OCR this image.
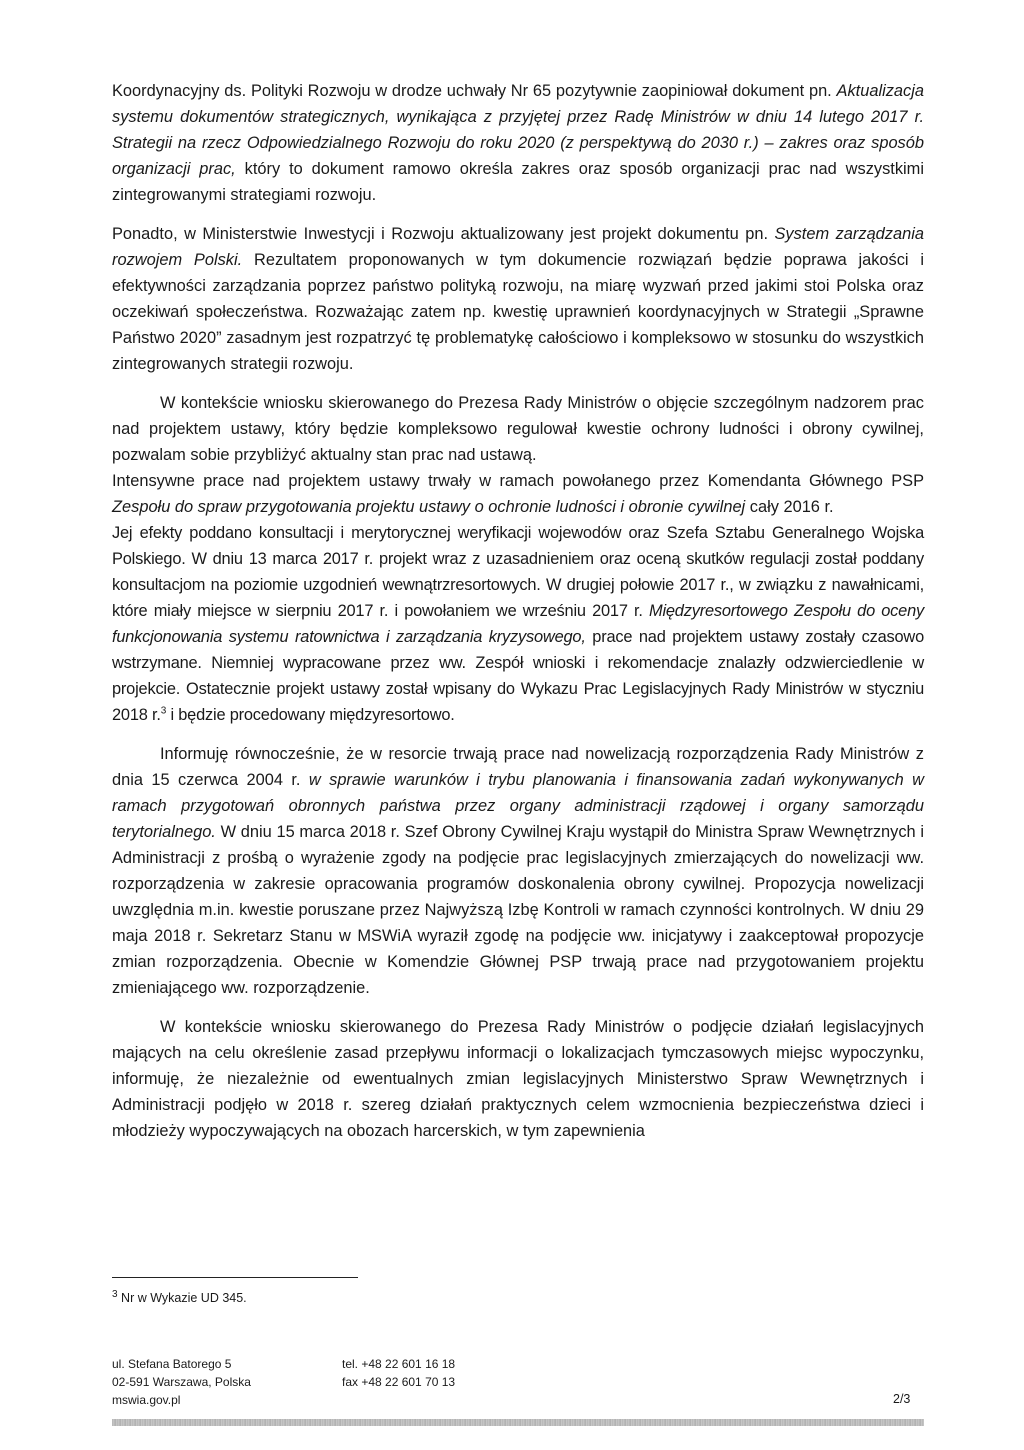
Koordynacyjny ds. Polityki Rozwoju w drodze uchwały Nr 65 pozytywnie zaopiniował dokument pn. Aktualizacja systemu dokumentów strategicznych, wynikająca z przyjętej przez Radę Ministrów w dniu 14 lutego 2017 r. Strategii na rzecz Odpowiedzialnego Rozwoju do roku 2020 (z perspektywą do 2030 r.) – zakres oraz sposób organizacji prac, który to dokument ramowo określa zakres oraz sposób organizacji prac nad wszystkimi zintegrowanymi strategiami rozwoju.

Ponadto, w Ministerstwie Inwestycji i Rozwoju aktualizowany jest projekt dokumentu pn. System zarządzania rozwojem Polski. Rezultatem proponowanych w tym dokumencie rozwiązań będzie poprawa jakości i efektywności zarządzania poprzez państwo polityką rozwoju, na miarę wyzwań przed jakimi stoi Polska oraz oczekiwań społeczeństwa. Rozważając zatem np. kwestię uprawnień koordynacyjnych w Strategii „Sprawne Państwo 2020” zasadnym jest rozpatrzyć tę problematykę całościowo i kompleksowo w stosunku do wszystkich zintegrowanych strategii rozwoju.

W kontekście wniosku skierowanego do Prezesa Rady Ministrów o objęcie szczególnym nadzorem prac nad projektem ustawy, który będzie kompleksowo regulował kwestie ochrony ludności i obrony cywilnej, pozwalam sobie przybliżyć aktualny stan prac nad ustawą.

Intensywne prace nad projektem ustawy trwały w ramach powołanego przez Komendanta Głównego PSP Zespołu do spraw przygotowania projektu ustawy o ochronie ludności i obronie cywilnej cały 2016 r.

Jej efekty poddano konsultacji i merytorycznej weryfikacji wojewodów oraz Szefa Sztabu Generalnego Wojska Polskiego. W dniu 13 marca 2017 r. projekt wraz z uzasadnieniem oraz oceną skutków regulacji został poddany konsultacjom na poziomie uzgodnień wewnątrzresortowych. W drugiej połowie 2017 r., w związku z nawałnicami, które miały miejsce w sierpniu 2017 r. i powołaniem we wrześniu 2017 r. Międzyresortowego Zespołu do oceny funkcjonowania systemu ratownictwa i zarządzania kryzysowego, prace nad projektem ustawy zostały czasowo wstrzymane. Niemniej wypracowane przez ww. Zespół wnioski i rekomendacje znalazły odzwierciedlenie w projekcie. Ostatecznie projekt ustawy został wpisany do Wykazu Prac Legislacyjnych Rady Ministrów w styczniu 2018 r.$^3$ i będzie procedowany międzyresortowo.

Informuję równocześnie, że w resorcie trwają prace nad nowelizacją rozporządzenia Rady Ministrów z dnia 15 czerwca 2004 r. w sprawie warunków i trybu planowania i finansowania zadań wykonywanych w ramach przygotowań obronnych państwa przez organy administracji rządowej i organy samorządu terytorialnego. W dniu 15 marca 2018 r. Szef Obrony Cywilnej Kraju wystąpił do Ministra Spraw Wewnętrznych i Administracji z prośbą o wyrażenie zgody na podjęcie prac legislacyjnych zmierzających do nowelizacji ww. rozporządzenia w zakresie opracowania programów doskonalenia obrony cywilnej. Propozycja nowelizacji uwzględnia m.in. kwestie poruszane przez Najwyższą Izbę Kontroli w ramach czynności kontrolnych. W dniu 29 maja 2018 r. Sekretarz Stanu w MSWiA wyraził zgodę na podjęcie ww. inicjatywy i zaakceptował propozycje zmian rozporządzenia. Obecnie w Komendzie Głównej PSP trwają prace nad przygotowaniem projektu zmieniającego ww. rozporządzenie.

W kontekście wniosku skierowanego do Prezesa Rady Ministrów o podjęcie działań legislacyjnych mających na celu określenie zasad przepływu informacji o lokalizacjach tymczasowych miejsc wypoczynku, informuję, że niezależnie od ewentualnych zmian legislacyjnych Ministerstwo Spraw Wewnętrznych i Administracji podjęło w 2018 r. szereg działań praktycznych celem wzmocnienia bezpieczeństwa dzieci i młodzieży wypoczywających na obozach harcerskich, w tym zapewnienia

$^3$ Nr w Wykazie UD 345.
ul. Stefana Batorego 5
02-591 Warszawa, Polska
mswia.gov.pl
tel. +48 22 601 16 18
fax +48 22 601 70 13
2/3
